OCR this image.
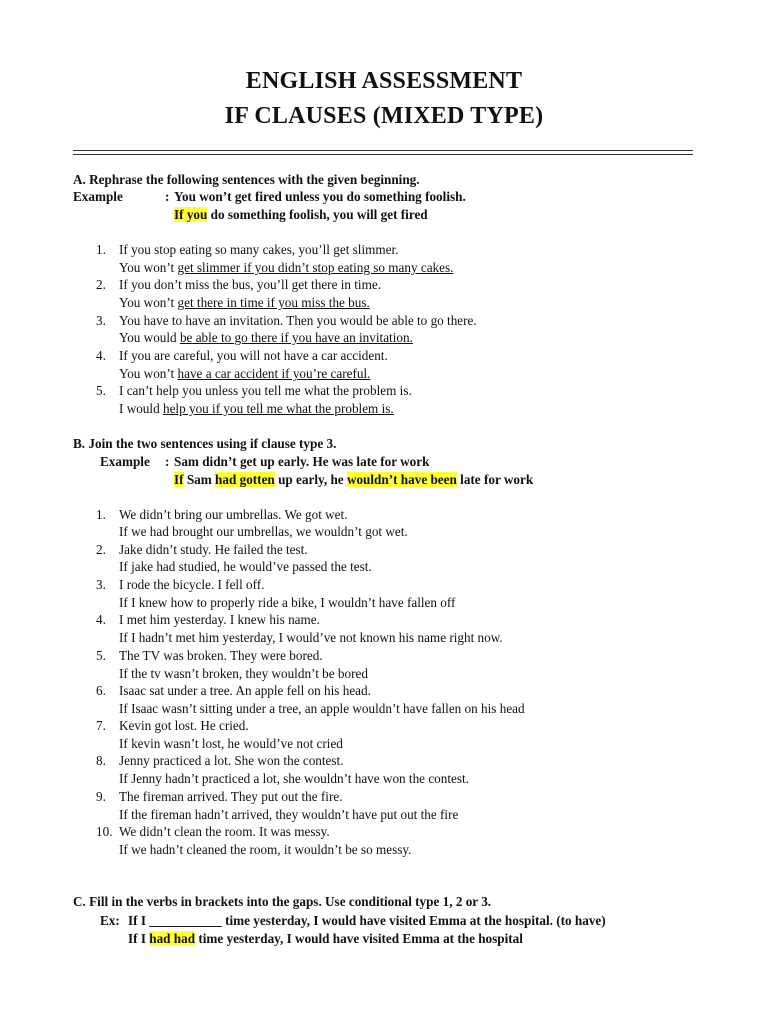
ENGLISH ASSESSMENT
IF CLAUSES (MIXED TYPE)
A. Rephrase the following sentences with the given beginning.
Example	: You won’t get fired unless you do something foolish.
If you do something foolish, you will get fired
1. If you stop eating so many cakes, you’ll get slimmer.
You won’t get slimmer if you didn’t stop eating so many cakes.
2. If you don’t miss the bus, you’ll get there in time.
You won’t get there in time if you miss the bus.
3. You have to have an invitation. Then you would be able to go there.
You would be able to go there if you have an invitation.
4. If you are careful, you will not have a car accident.
You won’t have a car accident if you’re careful.
5. I can’t help you unless you tell me what the problem is.
I would help you if you tell me what the problem is.
B. Join the two sentences using if clause type 3.
Example : Sam didn’t get up early. He was late for work
If Sam had gotten up early, he wouldn’t have been late for work
1. We didn’t bring our umbrellas. We got wet.
If we had brought our umbrellas, we wouldn’t got wet.
2. Jake didn’t study. He failed the test.
If jake had studied, he would’ve passed the test.
3. I rode the bicycle. I fell off.
If I knew how to properly ride a bike, I wouldn’t have fallen off
4. I met him yesterday. I knew his name.
If I hadn’t met him yesterday, I would’ve not known his name right now.
5. The TV was broken. They were bored.
If the tv wasn’t broken, they wouldn’t be bored
6. Isaac sat under a tree. An apple fell on his head.
If Isaac wasn’t sitting under a tree, an apple wouldn’t have fallen on his head
7. Kevin got lost. He cried.
If kevin wasn’t lost, he would’ve not cried
8. Jenny practiced a lot. She won the contest.
If Jenny hadn’t practiced a lot, she wouldn’t have won the contest.
9. The fireman arrived. They put out the fire.
If the fireman hadn’t arrived, they wouldn’t have put out the fire
10. We didn’t clean the room. It was messy.
If we hadn’t cleaned the room, it wouldn’t be so messy.
C. Fill in the verbs in brackets into the gaps. Use conditional type 1, 2 or 3.
Ex: If I ___________ time yesterday, I would have visited Emma at the hospital. (to have)
If I had had time yesterday, I would have visited Emma at the hospital
